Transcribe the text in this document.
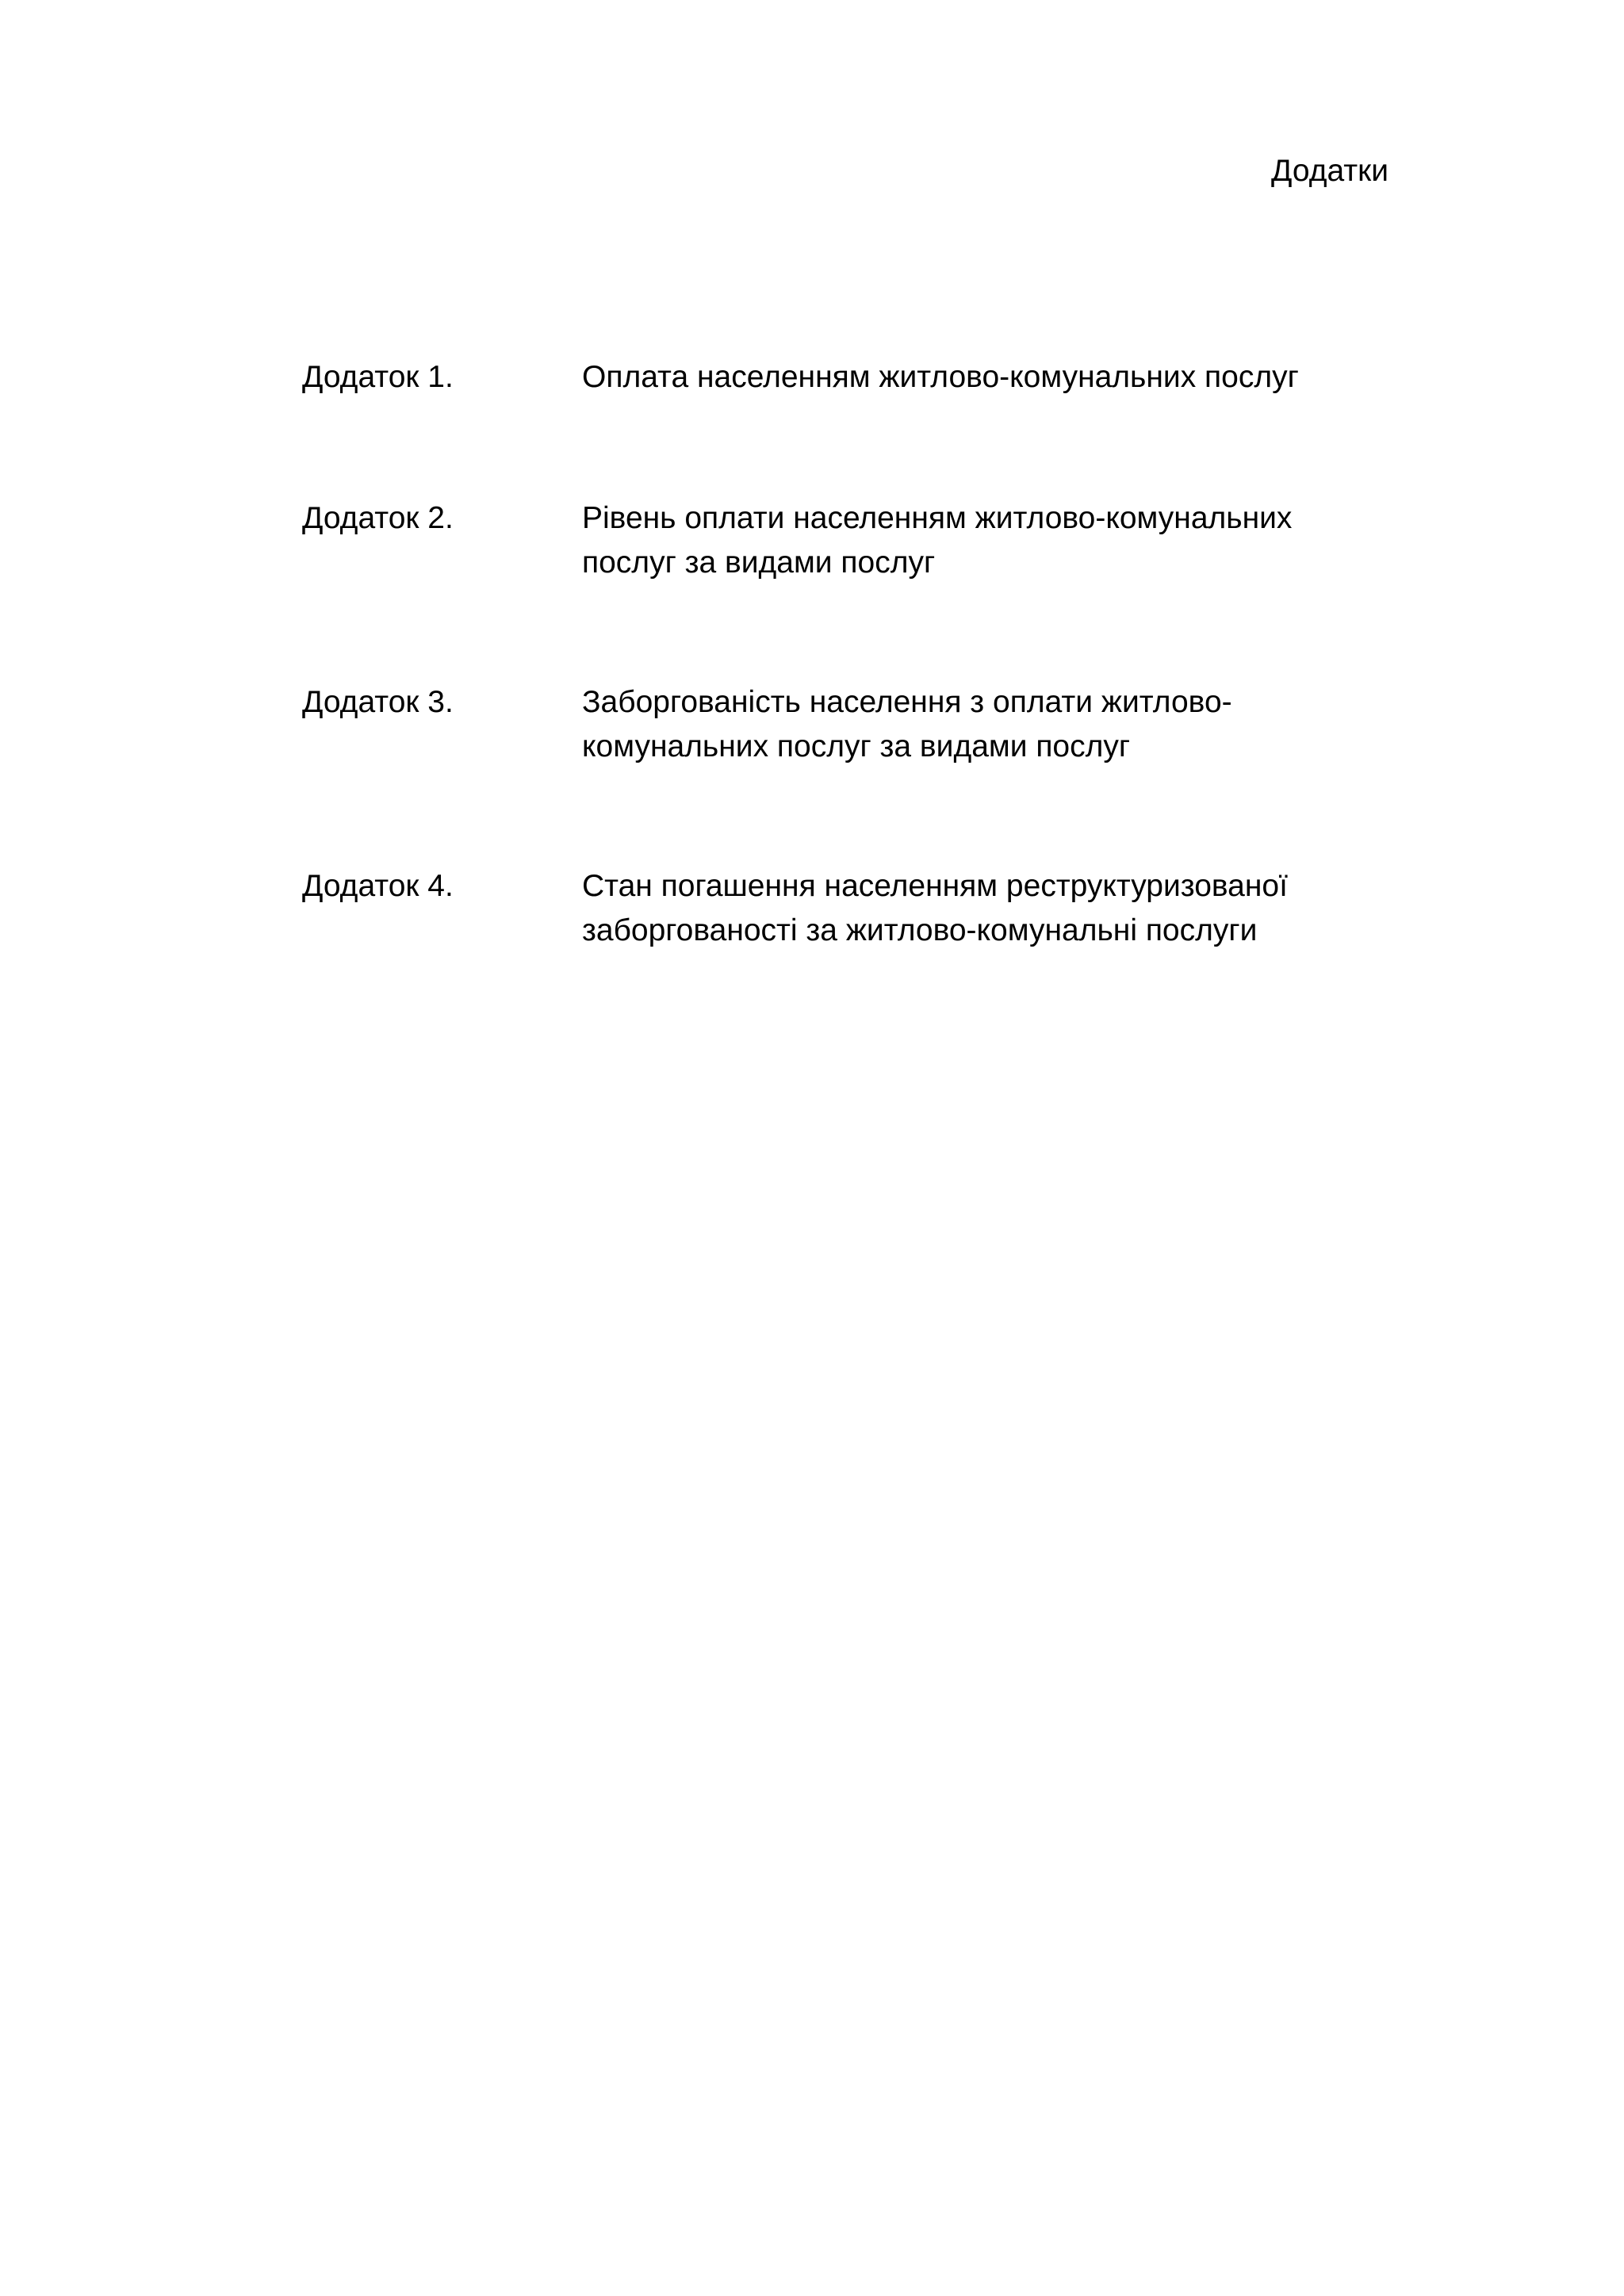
Додатки
Додаток 1.	Оплата населенням житлово-комунальних послуг
Додаток 2.	Рівень оплати населенням житлово-комунальних
послуг за видами послуг
Додаток 3.	Заборгованість населення з оплати житлово-
комунальних послуг за видами послуг
Додаток 4.	Стан погашення населенням реструктуризованої
заборгованості за житлово-комунальні послуги
